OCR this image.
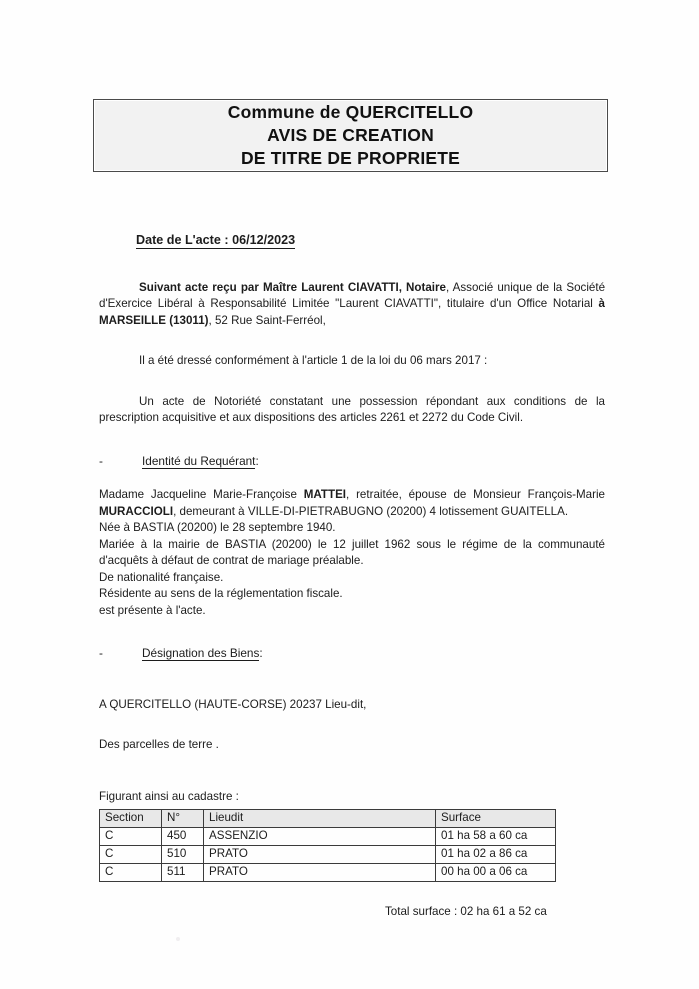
Commune de QUERCITELLO
AVIS DE CREATION
DE TITRE DE PROPRIETE
Date de L'acte : 06/12/2023

Suivant acte reçu par Maître Laurent CIAVATTI, Notaire, Associé unique de la Société d'Exercice Libéral à Responsabilité Limitée "Laurent CIAVATTI", titulaire d'un Office Notarial à MARSEILLE (13011), 52 Rue Saint-Ferréol,

Il a été dressé conformément à l'article 1 de la loi du 06 mars 2017 :

Un acte de Notoriété constatant une possession répondant aux conditions de la prescription acquisitive et aux dispositions des articles 2261 et 2272 du Code Civil.

-	Identité du Requérant:

Madame Jacqueline Marie-Françoise MATTEI, retraitée, épouse de Monsieur François-Marie MURACCIOLI, demeurant à VILLE-DI-PIETRABUGNO (20200) 4 lotissement GUAITELLA.

Née à BASTIA (20200) le 28 septembre 1940.

Mariée à la mairie de BASTIA (20200) le 12 juillet 1962 sous le régime de la communauté d'acquêts à défaut de contrat de mariage préalable.

De nationalité française.

Résidente au sens de la réglementation fiscale.

est présente à l'acte.

-	Désignation des Biens:

A QUERCITELLO (HAUTE-CORSE) 20237 Lieu-dit,

Des parcelles de terre .

Figurant ainsi au cadastre :

Section	N°	Lieudit	Surface
C	450	ASSENZIO	01 ha 58 a 60 ca
C	510	PRATO	01 ha 02 a 86 ca
C	511	PRATO	00 ha 00 a 06 ca

Total surface : 02 ha 61 a 52 ca
